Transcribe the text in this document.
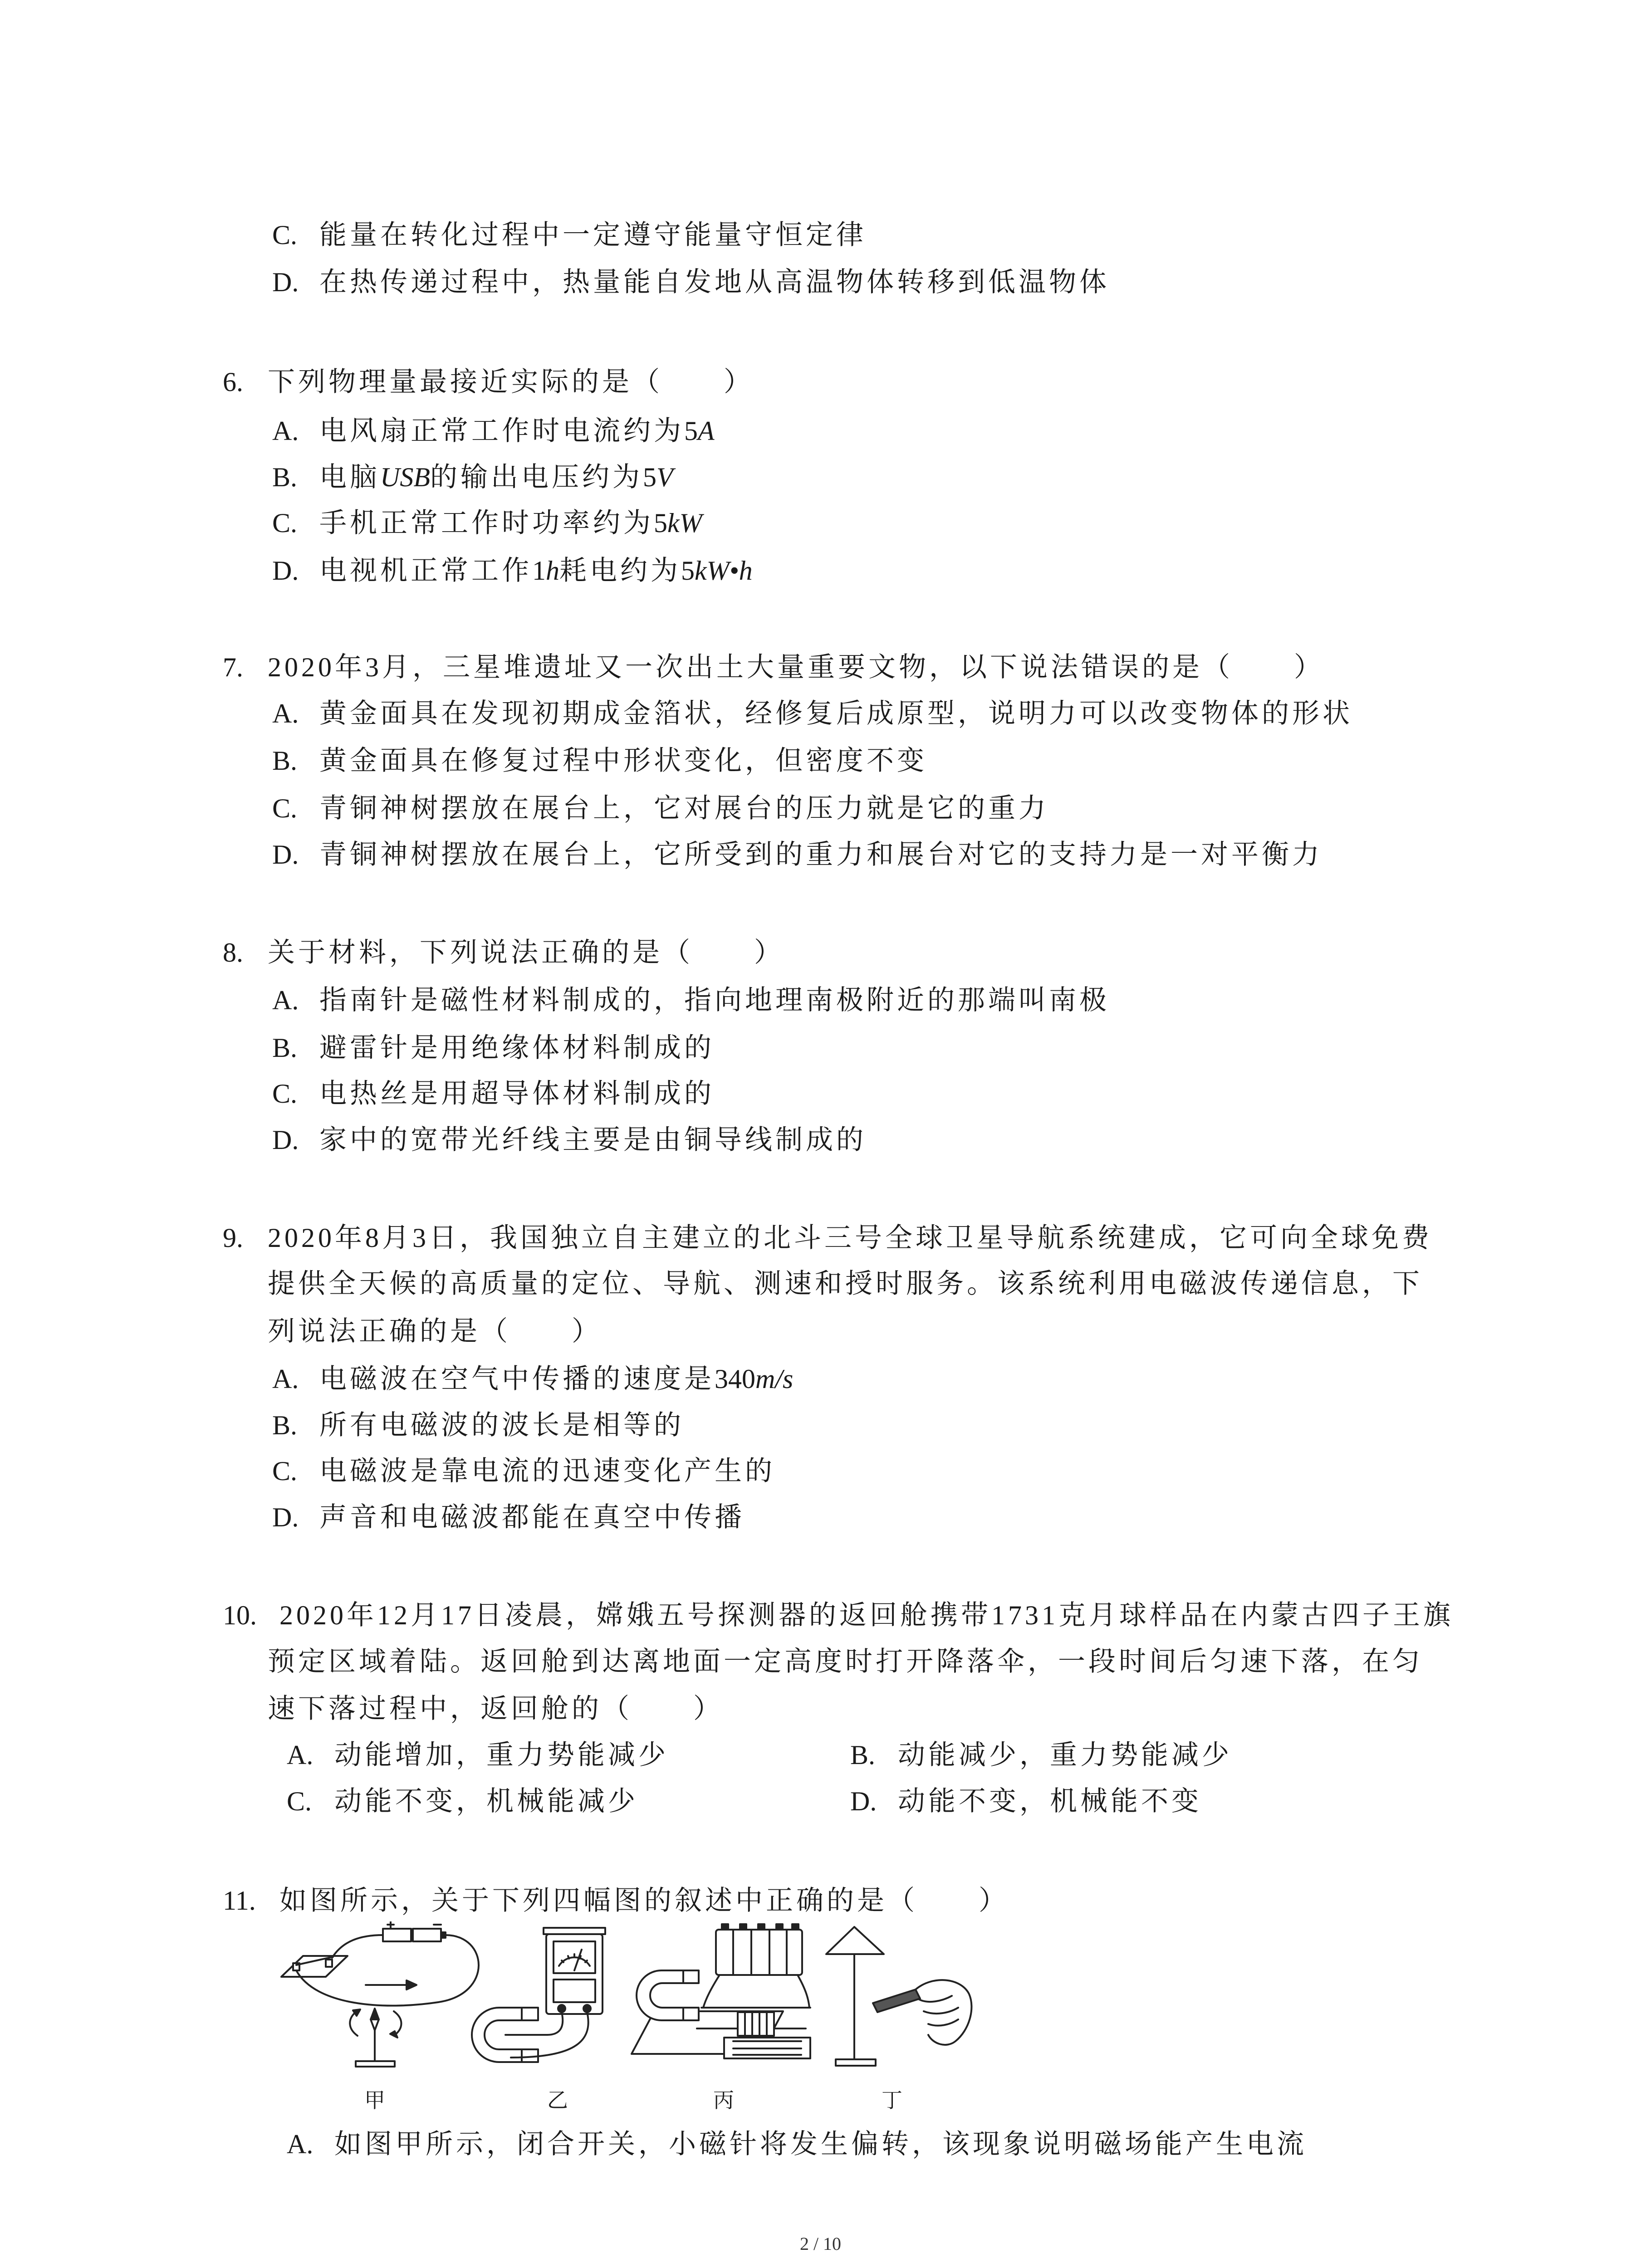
C. 能量在转化过程中一定遵守能量守恒定律
D. 在热传递过程中，热量能自发地从高温物体转移到低温物体
6. 下列物理量最接近实际的是（　　）
A. 电风扇正常工作时电流约为5A
B. 电脑USB的输出电压约为5V
C. 手机正常工作时功率约为5kW
D. 电视机正常工作1h耗电约为5kW•h
7. 2020年3月，三星堆遗址又一次出土大量重要文物，以下说法错误的是（　　）
A. 黄金面具在发现初期成金箔状，经修复后成原型，说明力可以改变物体的形状
B. 黄金面具在修复过程中形状变化，但密度不变
C. 青铜神树摆放在展台上，它对展台的压力就是它的重力
D. 青铜神树摆放在展台上，它所受到的重力和展台对它的支持力是一对平衡力
8. 关于材料，下列说法正确的是（　　）
A. 指南针是磁性材料制成的，指向地理南极附近的那端叫南极
B. 避雷针是用绝缘体材料制成的
C. 电热丝是用超导体材料制成的
D. 家中的宽带光纤线主要是由铜导线制成的
9. 2020年8月3日，我国独立自主建立的北斗三号全球卫星导航系统建成，它可向全球免费
提供全天候的高质量的定位、导航、测速和授时服务。该系统利用电磁波传递信息，下
列说法正确的是（　　）
A. 电磁波在空气中传播的速度是340m/s
B. 所有电磁波的波长是相等的
C. 电磁波是靠电流的迅速变化产生的
D. 声音和电磁波都能在真空中传播
10. 2020年12月17日凌晨，嫦娥五号探测器的返回舱携带1731克月球样品在内蒙古四子王旗
预定区域着陆。返回舱到达离地面一定高度时打开降落伞，一段时间后匀速下落，在匀
速下落过程中，返回舱的（　　）
A. 动能增加，重力势能减少	B. 动能减少，重力势能减少
C. 动能不变，机械能减少	D. 动能不变，机械能不变
11. 如图所示，关于下列四幅图的叙述中正确的是（　　）
甲	乙	丙	丁
A. 如图甲所示，闭合开关，小磁针将发生偏转，该现象说明磁场能产生电流
2 / 10
